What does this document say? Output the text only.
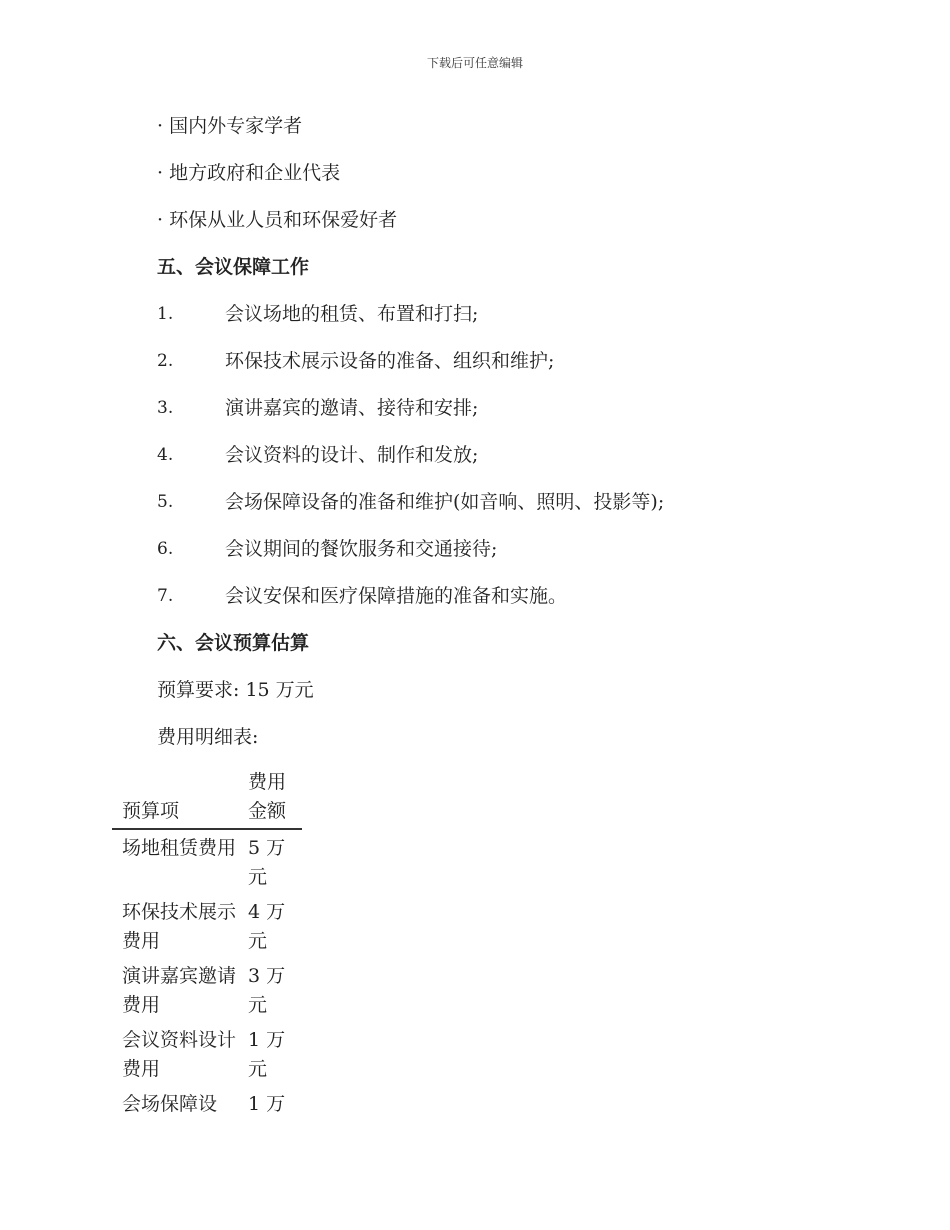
下载后可任意编辑
· 国内外专家学者
· 地方政府和企业代表
· 环保从业人员和环保爱好者
五、会议保障工作
1.	会议场地的租赁、布置和打扫;
2.	环保技术展示设备的准备、组织和维护;
3.	演讲嘉宾的邀请、接待和安排;
4.	会议资料的设计、制作和发放;
5.	会场保障设备的准备和维护(如音响、照明、投影等);
6.	会议期间的餐饮服务和交通接待;
7.	会议安保和医疗保障措施的准备和实施。
六、会议预算估算
预算要求: 15 万元
费用明细表:
预算项	费用金额
场地租赁费用	5 万元
环保技术展示费用	4 万元
演讲嘉宾邀请费用	3 万元
会议资料设计费用	1 万元
会场保障设	1 万
